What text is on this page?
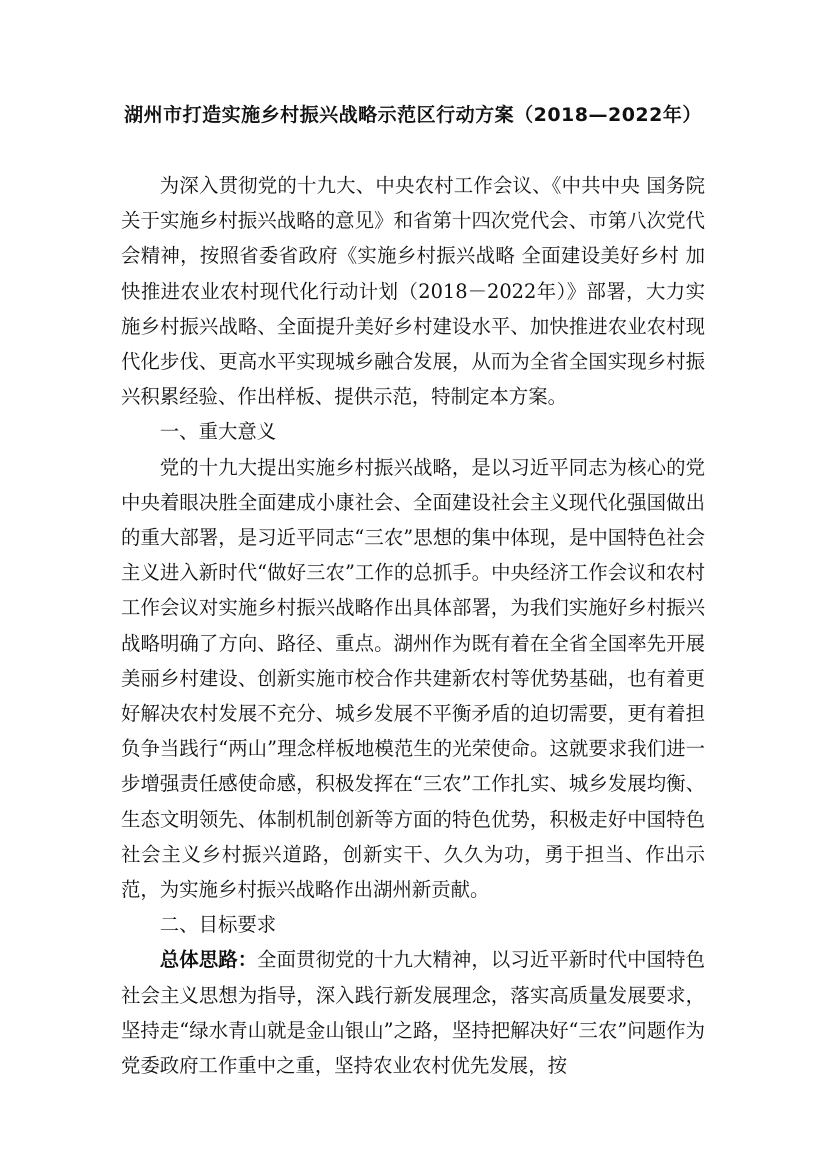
湖州市打造实施乡村振兴战略示范区行动方案（2018—2022年）

为深入贯彻党的十九大、中央农村工作会议、《中共中央 国务院关于实施乡村振兴战略的意见》和省第十四次党代会、市第八次党代会精神，按照省委省政府《实施乡村振兴战略 全面建设美好乡村 加快推进农业农村现代化行动计划（2018－2022年）》部署，大力实施乡村振兴战略、全面提升美好乡村建设水平、加快推进农业农村现代化步伐、更高水平实现城乡融合发展，从而为全省全国实现乡村振兴积累经验、作出样板、提供示范，特制定本方案。

一、重大意义

党的十九大提出实施乡村振兴战略，是以习近平同志为核心的党中央着眼决胜全面建成小康社会、全面建设社会主义现代化强国做出的重大部署，是习近平同志“三农”思想的集中体现，是中国特色社会主义进入新时代“做好三农”工作的总抓手。中央经济工作会议和农村工作会议对实施乡村振兴战略作出具体部署，为我们实施好乡村振兴战略明确了方向、路径、重点。湖州作为既有着在全省全国率先开展美丽乡村建设、创新实施市校合作共建新农村等优势基础，也有着更好解决农村发展不充分、城乡发展不平衡矛盾的迫切需要，更有着担负争当践行“两山”理念样板地模范生的光荣使命。这就要求我们进一步增强责任感使命感，积极发挥在“三农”工作扎实、城乡发展均衡、生态文明领先、体制机制创新等方面的特色优势，积极走好中国特色社会主义乡村振兴道路，创新实干、久久为功，勇于担当、作出示范，为实施乡村振兴战略作出湖州新贡献。

二、目标要求

总体思路：全面贯彻党的十九大精神，以习近平新时代中国特色社会主义思想为指导，深入践行新发展理念，落实高质量发展要求，坚持走“绿水青山就是金山银山”之路，坚持把解决好“三农”问题作为党委政府工作重中之重，坚持农业农村优先发展，按
